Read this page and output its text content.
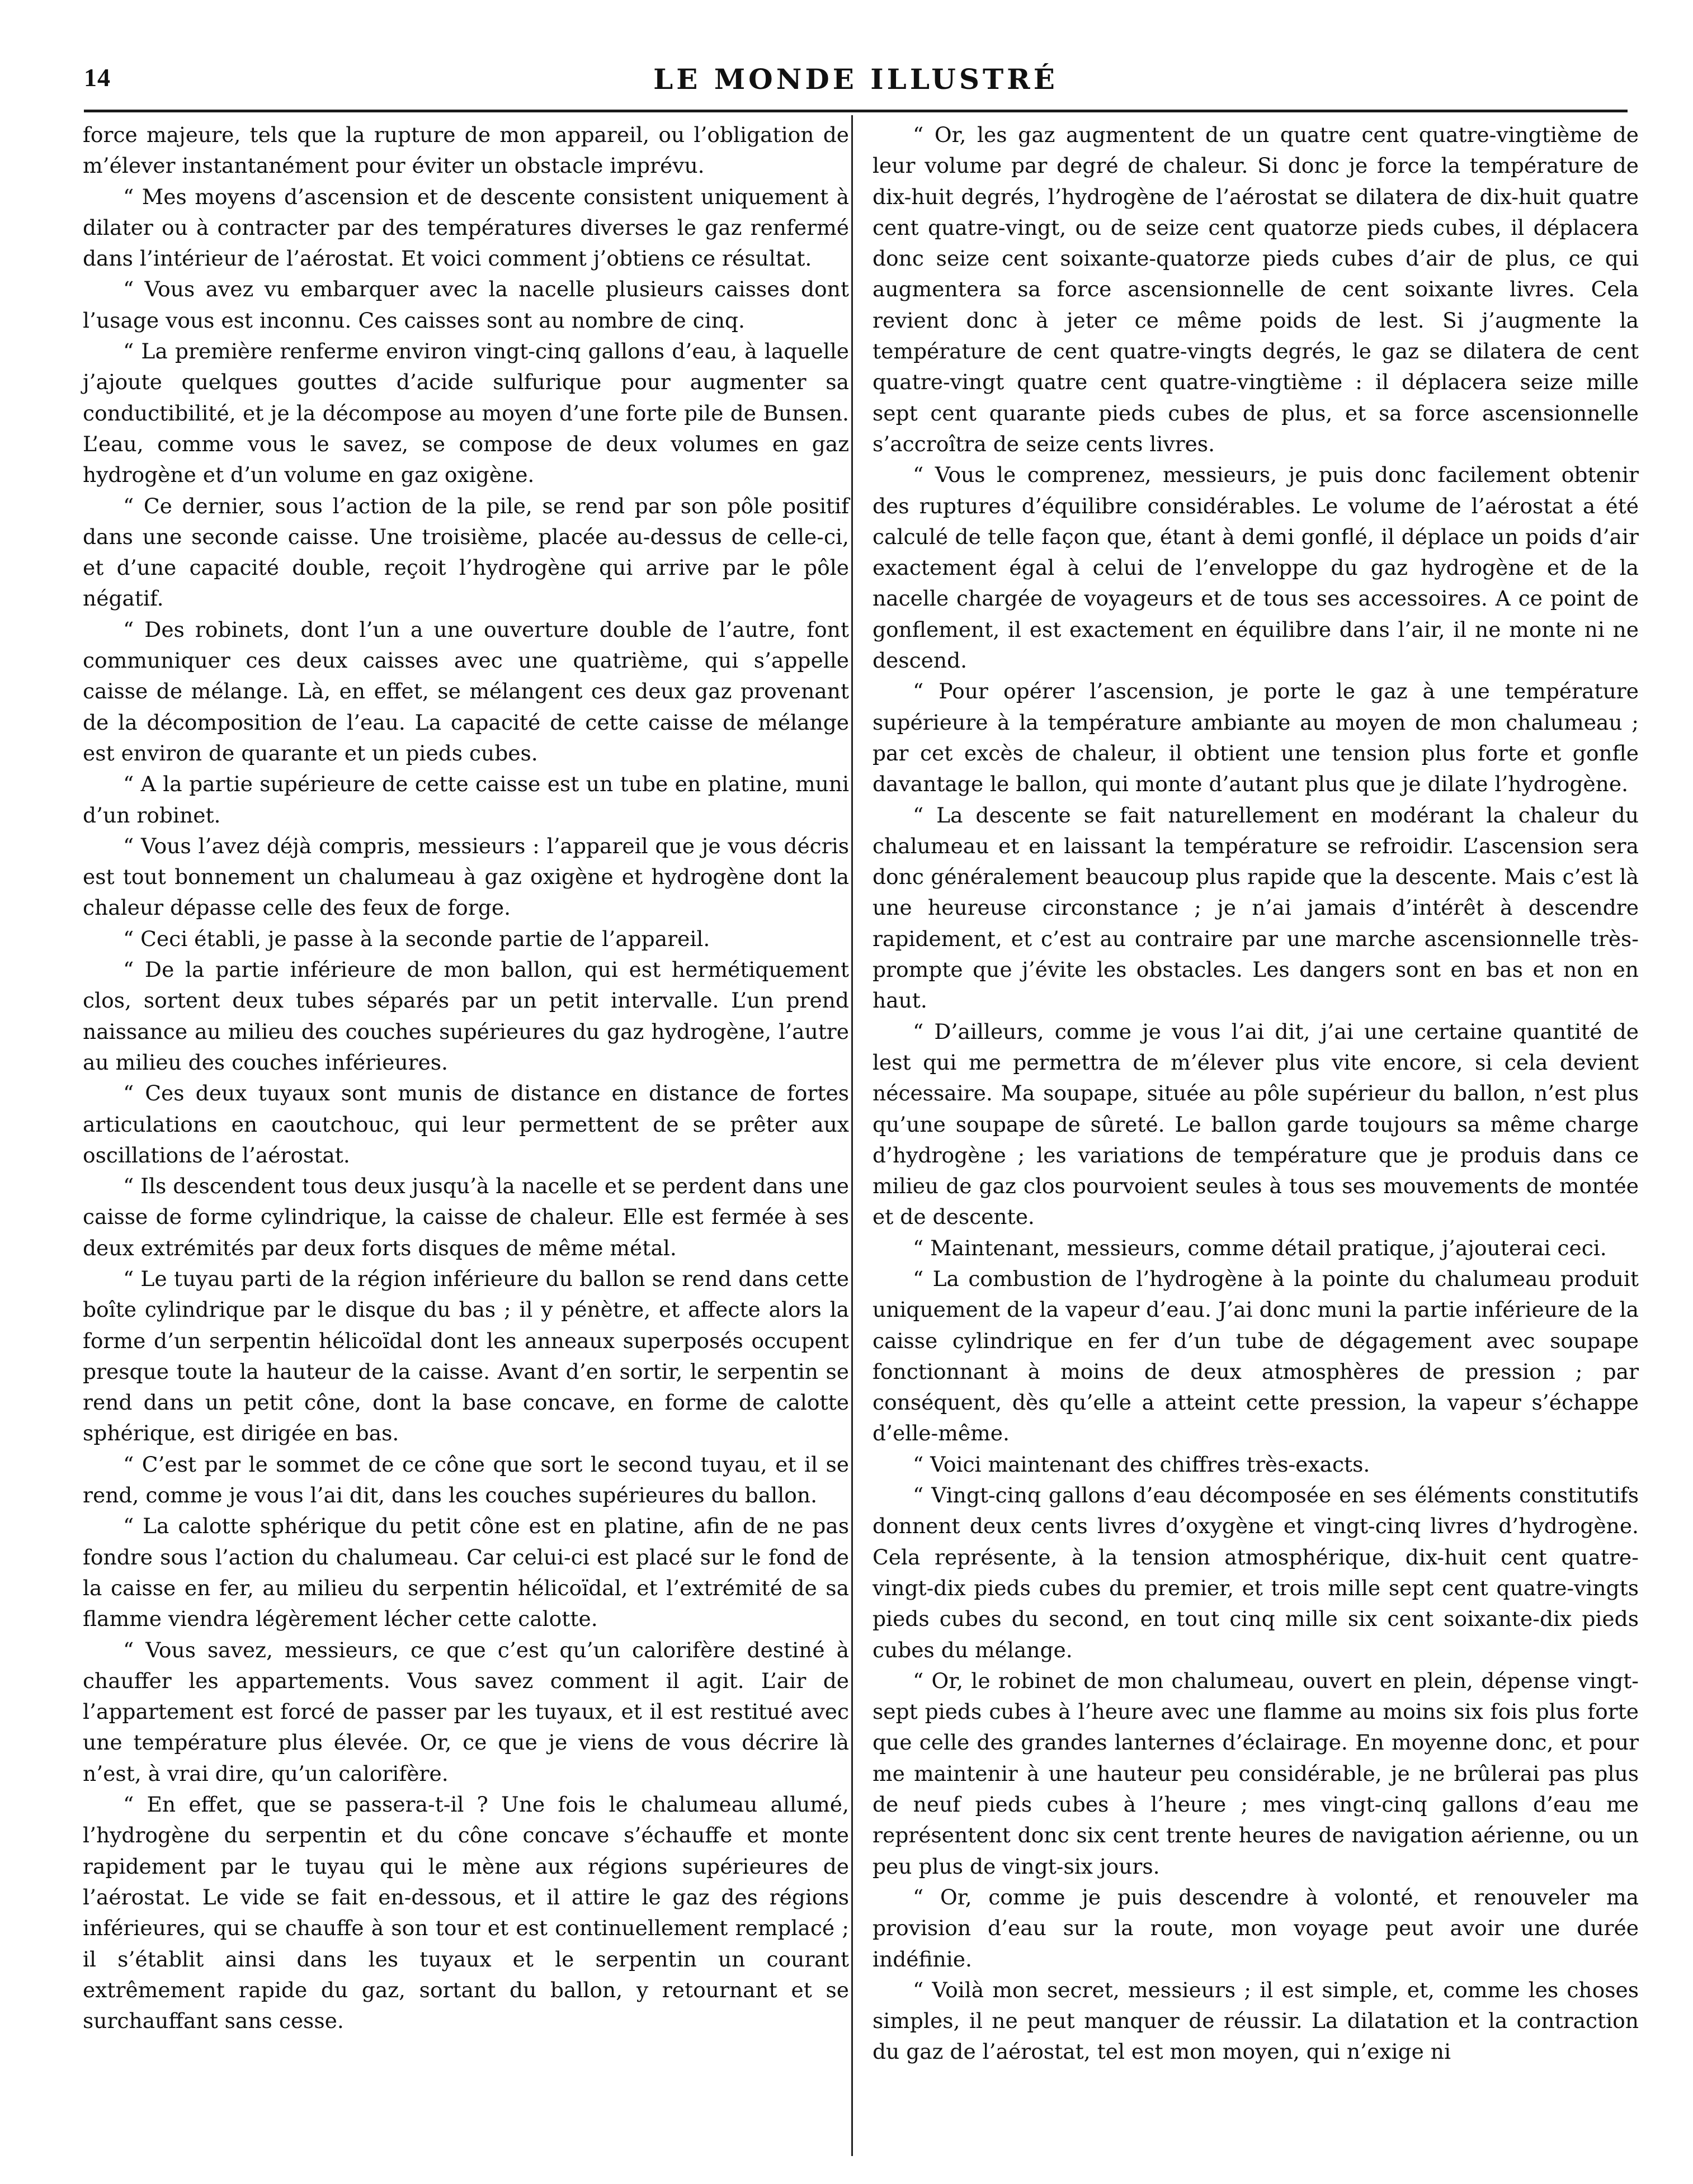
14	LE MONDE ILLUSTRÉ

force majeure, tels que la rupture de mon appareil, ou l’obligation de m’élever instantanément pour éviter un obstacle imprévu.

“ Mes moyens d’ascension et de descente consistent uniquement à dilater ou à contracter par des températures diverses le gaz renfermé dans l’intérieur de l’aérostat. Et voici comment j’obtiens ce résultat.

“ Vous avez vu embarquer avec la nacelle plusieurs caisses dont l’usage vous est inconnu. Ces caisses sont au nombre de cinq.

“ La première renferme environ vingt-cinq gallons d’eau, à laquelle j’ajoute quelques gouttes d’acide sulfurique pour augmenter sa conductibilité, et je la décompose au moyen d’une forte pile de Bunsen. L’eau, comme vous le savez, se compose de deux volumes en gaz hydrogène et d’un volume en gaz oxigène.

“ Ce dernier, sous l’action de la pile, se rend par son pôle positif dans une seconde caisse. Une troisième, placée au-dessus de celle-ci, et d’une capacité double, reçoit l’hydrogène qui arrive par le pôle négatif.

“ Des robinets, dont l’un a une ouverture double de l’autre, font communiquer ces deux caisses avec une quatrième, qui s’appelle caisse de mélange. Là, en effet, se mélangent ces deux gaz provenant de la décomposition de l’eau. La capacité de cette caisse de mélange est environ de quarante et un pieds cubes.

“ A la partie supérieure de cette caisse est un tube en platine, muni d’un robinet.

“ Vous l’avez déjà compris, messieurs : l’appareil que je vous décris est tout bonnement un chalumeau à gaz oxigène et hydrogène dont la chaleur dépasse celle des feux de forge.

“ Ceci établi, je passe à la seconde partie de l’appareil.

“ De la partie inférieure de mon ballon, qui est hermétiquement clos, sortent deux tubes séparés par un petit intervalle. L’un prend naissance au milieu des couches supérieures du gaz hydrogène, l’autre au milieu des couches inférieures.

“ Ces deux tuyaux sont munis de distance en distance de fortes articulations en caoutchouc, qui leur permettent de se prêter aux oscillations de l’aérostat.

“ Ils descendent tous deux jusqu’à la nacelle et se perdent dans une caisse de forme cylindrique, la caisse de chaleur. Elle est fermée à ses deux extrémités par deux forts disques de même métal.

“ Le tuyau parti de la région inférieure du ballon se rend dans cette boîte cylindrique par le disque du bas ; il y pénètre, et affecte alors la forme d’un serpentin hélicoïdal dont les anneaux superposés occupent presque toute la hauteur de la caisse. Avant d’en sortir, le serpentin se rend dans un petit cône, dont la base concave, en forme de calotte sphérique, est dirigée en bas.

“ C’est par le sommet de ce cône que sort le second tuyau, et il se rend, comme je vous l’ai dit, dans les couches supérieures du ballon.

“ La calotte sphérique du petit cône est en platine, afin de ne pas fondre sous l’action du chalumeau. Car celui-ci est placé sur le fond de la caisse en fer, au milieu du serpentin hélicoïdal, et l’extrémité de sa flamme viendra légèrement lécher cette calotte.

“ Vous savez, messieurs, ce que c’est qu’un calorifère destiné à chauffer les appartements. Vous savez comment il agit. L’air de l’appartement est forcé de passer par les tuyaux, et il est restitué avec une température plus élevée. Or, ce que je viens de vous décrire là n’est, à vrai dire, qu’un calorifère.

“ En effet, que se passera-t-il ? Une fois le chalumeau allumé, l’hydrogène du serpentin et du cône concave s’échauffe et monte rapidement par le tuyau qui le mène aux régions supérieures de l’aérostat. Le vide se fait en-dessous, et il attire le gaz des régions inférieures, qui se chauffe à son tour et est continuellement remplacé ; il s’établit ainsi dans les tuyaux et le serpentin un courant extrêmement rapide du gaz, sortant du ballon, y retournant et se surchauffant sans cesse.

“ Or, les gaz augmentent de un quatre cent quatre-vingtième de leur volume par degré de chaleur. Si donc je force la température de dix-huit degrés, l’hydrogène de l’aérostat se dilatera de dix-huit quatre cent quatre-vingt, ou de seize cent quatorze pieds cubes, il déplacera donc seize cent soixante-quatorze pieds cubes d’air de plus, ce qui augmentera sa force ascensionnelle de cent soixante livres. Cela revient donc à jeter ce même poids de lest. Si j’augmente la température de cent quatre-vingts degrés, le gaz se dilatera de cent quatre-vingt quatre cent quatre-vingtième : il déplacera seize mille sept cent quarante pieds cubes de plus, et sa force ascensionnelle s’accroîtra de seize cents livres.

“ Vous le comprenez, messieurs, je puis donc facilement obtenir des ruptures d’équilibre considérables. Le volume de l’aérostat a été calculé de telle façon que, étant à demi gonflé, il déplace un poids d’air exactement égal à celui de l’enveloppe du gaz hydrogène et de la nacelle chargée de voyageurs et de tous ses accessoires. A ce point de gonflement, il est exactement en équilibre dans l’air, il ne monte ni ne descend.

“ Pour opérer l’ascension, je porte le gaz à une température supérieure à la température ambiante au moyen de mon chalumeau ; par cet excès de chaleur, il obtient une tension plus forte et gonfle davantage le ballon, qui monte d’autant plus que je dilate l’hydrogène.

“ La descente se fait naturellement en modérant la chaleur du chalumeau et en laissant la température se refroidir. L’ascension sera donc généralement beaucoup plus rapide que la descente. Mais c’est là une heureuse circonstance ; je n’ai jamais d’intérêt à descendre rapidement, et c’est au contraire par une marche ascensionnelle très-prompte que j’évite les obstacles. Les dangers sont en bas et non en haut.

“ D’ailleurs, comme je vous l’ai dit, j’ai une certaine quantité de lest qui me permettra de m’élever plus vite encore, si cela devient nécessaire. Ma soupape, située au pôle supérieur du ballon, n’est plus qu’une soupape de sûreté. Le ballon garde toujours sa même charge d’hydrogène ; les variations de température que je produis dans ce milieu de gaz clos pourvoient seules à tous ses mouvements de montée et de descente.

“ Maintenant, messieurs, comme détail pratique, j’ajouterai ceci.

“ La combustion de l’hydrogène à la pointe du chalumeau produit uniquement de la vapeur d’eau. J’ai donc muni la partie inférieure de la caisse cylindrique en fer d’un tube de dégagement avec soupape fonctionnant à moins de deux atmosphères de pression ; par conséquent, dès qu’elle a atteint cette pression, la vapeur s’échappe d’elle-même.

“ Voici maintenant des chiffres très-exacts.

“ Vingt-cinq gallons d’eau décomposée en ses éléments constitutifs donnent deux cents livres d’oxygène et vingt-cinq livres d’hydrogène. Cela représente, à la tension atmosphérique, dix-huit cent quatre-vingt-dix pieds cubes du premier, et trois mille sept cent quatre-vingts pieds cubes du second, en tout cinq mille six cent soixante-dix pieds cubes du mélange.

“ Or, le robinet de mon chalumeau, ouvert en plein, dépense vingt-sept pieds cubes à l’heure avec une flamme au moins six fois plus forte que celle des grandes lanternes d’éclairage. En moyenne donc, et pour me maintenir à une hauteur peu considérable, je ne brûlerai pas plus de neuf pieds cubes à l’heure ; mes vingt-cinq gallons d’eau me représentent donc six cent trente heures de navigation aérienne, ou un peu plus de vingt-six jours.

“ Or, comme je puis descendre à volonté, et renouveler ma provision d’eau sur la route, mon voyage peut avoir une durée indéfinie.

“ Voilà mon secret, messieurs ; il est simple, et, comme les choses simples, il ne peut manquer de réussir. La dilatation et la contraction du gaz de l’aérostat, tel est mon moyen, qui n’exige ni
